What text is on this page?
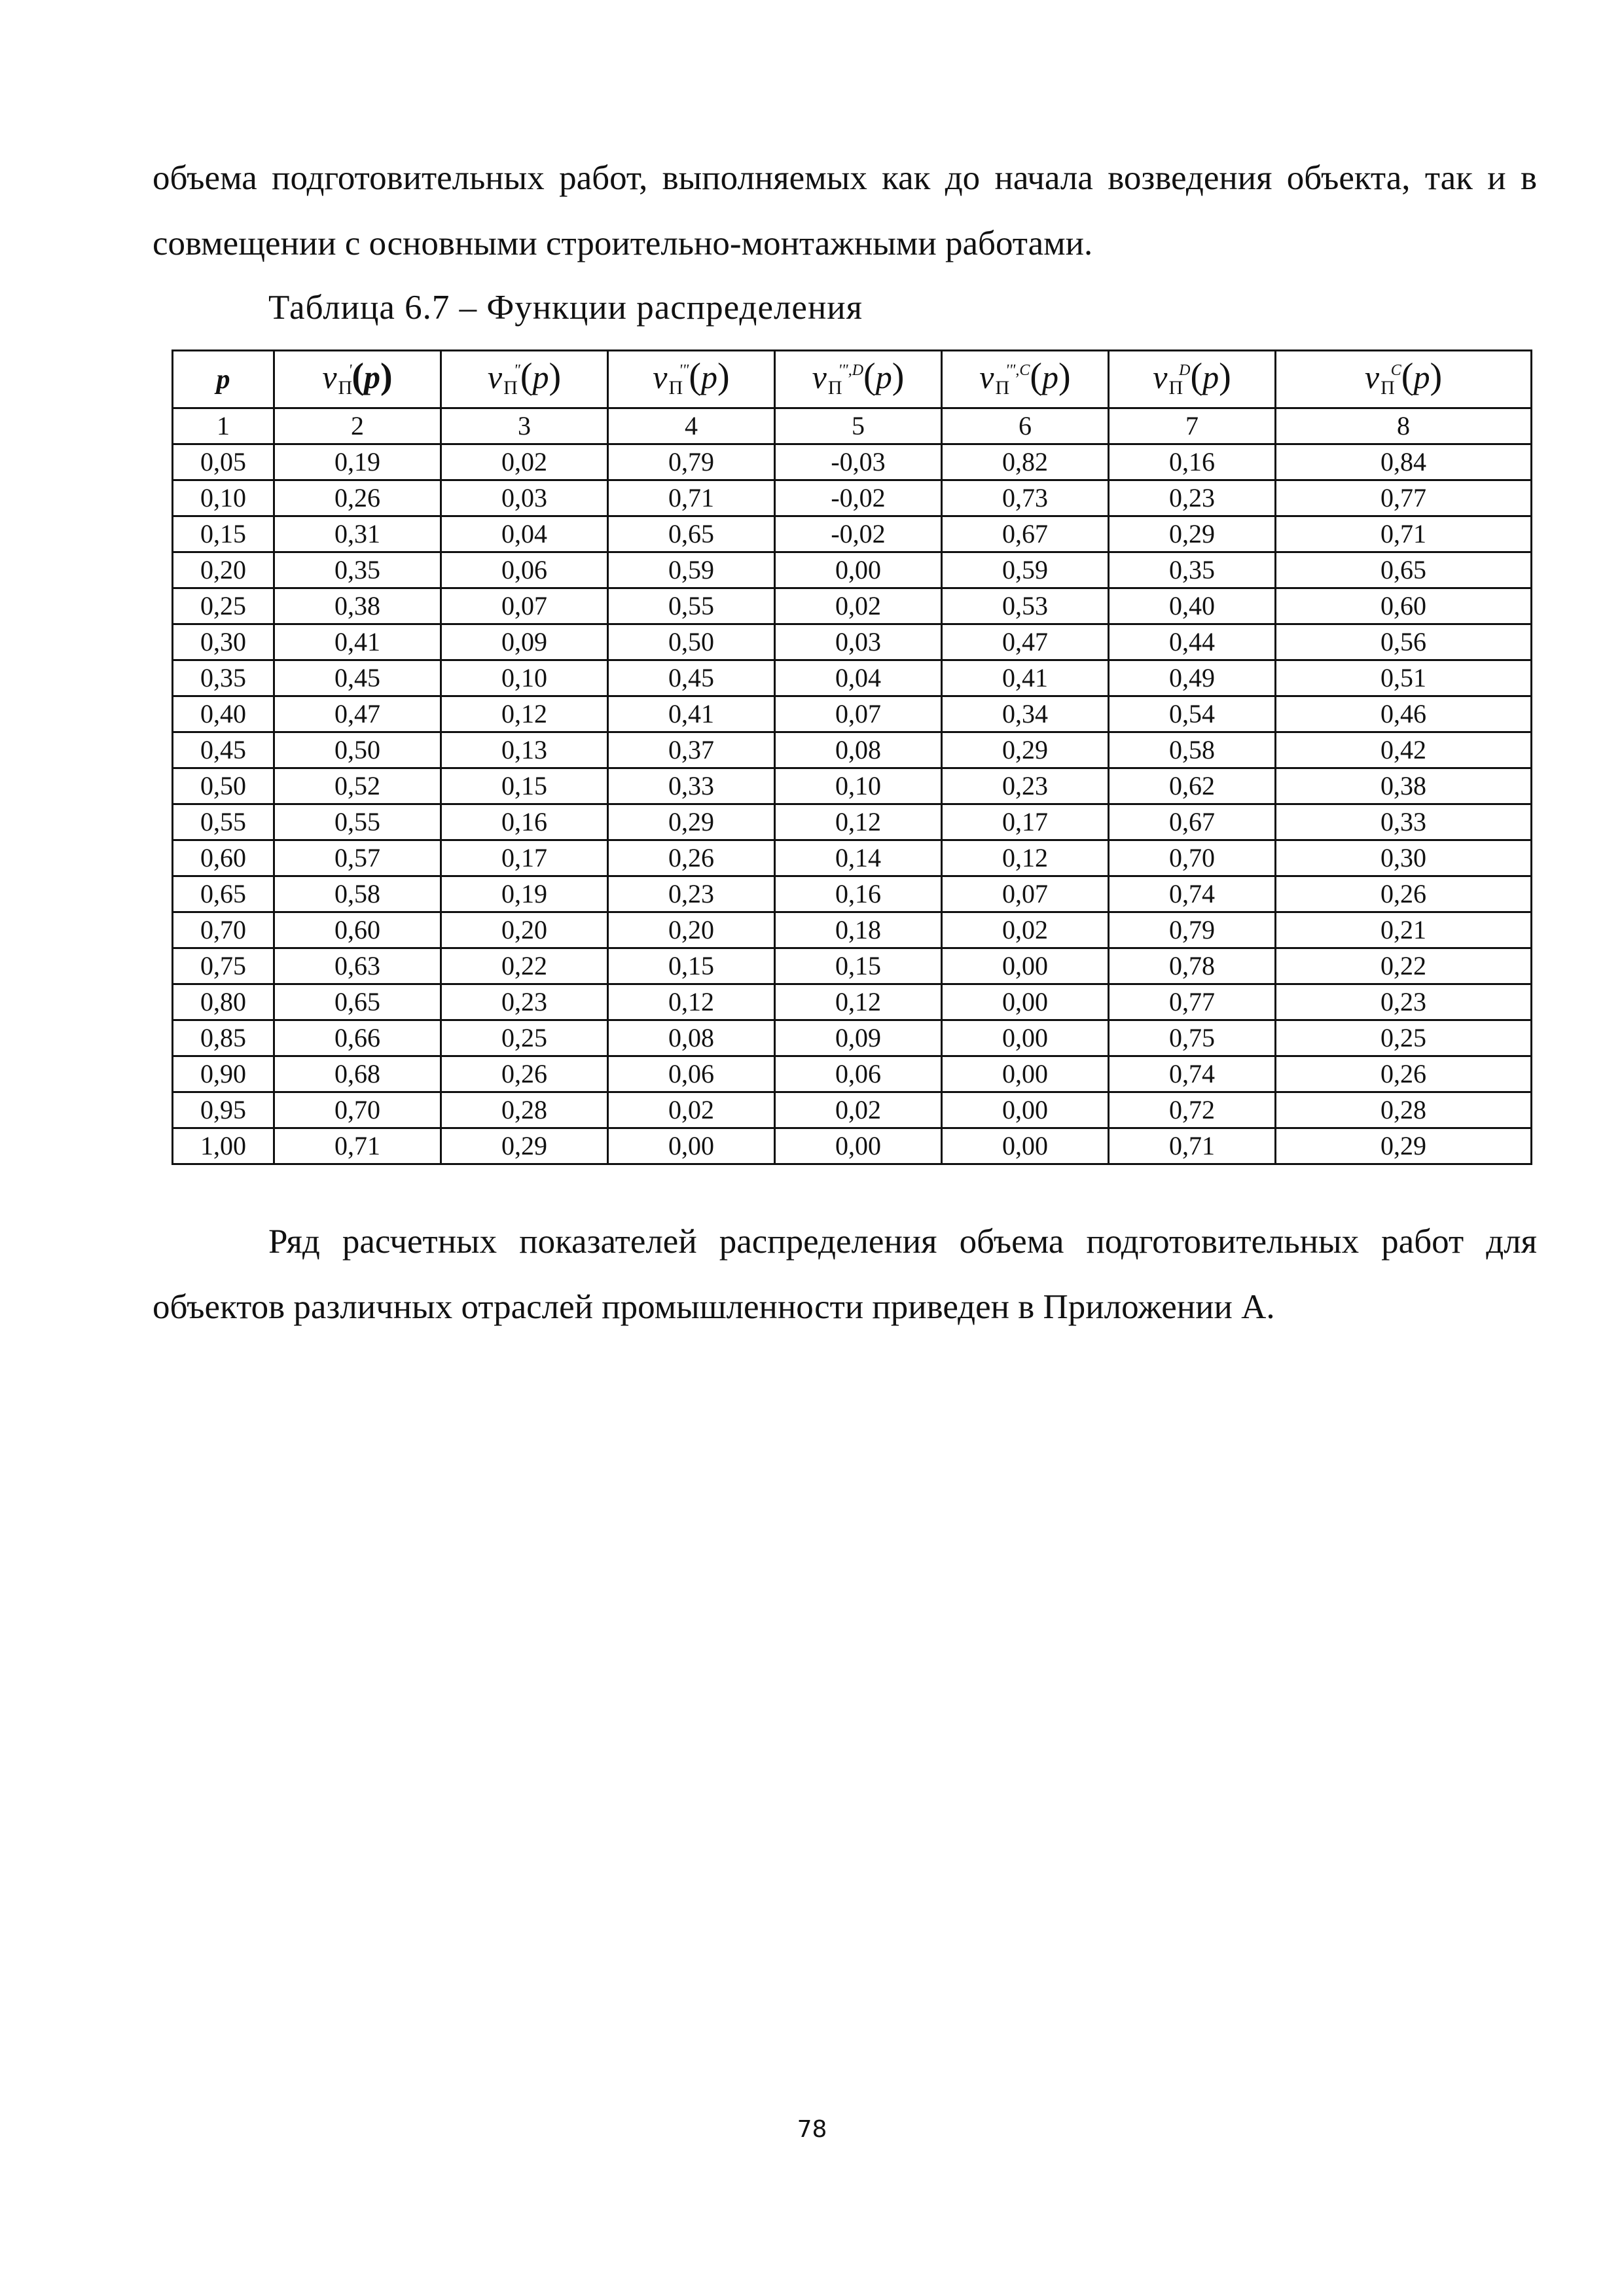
объема подготовительных работ, выполняемых как до начала возведения объекта, так и в совмещении с основными строительно-монтажными работами.

Таблица 6.7 – Функции распределения

p	$v_П'(p)$	$v_П^"(p)$	$v_П^{'"}(p)$	$v_П^{'",D}(p)$	$v_П^{'",C}(p)$	$v_П^D(p)$	$v_П^C(p)$
1	2	3	4	5	6	7	8
0,05	0,19	0,02	0,79	-0,03	0,82	0,16	0,84
0,10	0,26	0,03	0,71	-0,02	0,73	0,23	0,77
0,15	0,31	0,04	0,65	-0,02	0,67	0,29	0,71
0,20	0,35	0,06	0,59	0,00	0,59	0,35	0,65
0,25	0,38	0,07	0,55	0,02	0,53	0,40	0,60
0,30	0,41	0,09	0,50	0,03	0,47	0,44	0,56
0,35	0,45	0,10	0,45	0,04	0,41	0,49	0,51
0,40	0,47	0,12	0,41	0,07	0,34	0,54	0,46
0,45	0,50	0,13	0,37	0,08	0,29	0,58	0,42
0,50	0,52	0,15	0,33	0,10	0,23	0,62	0,38
0,55	0,55	0,16	0,29	0,12	0,17	0,67	0,33
0,60	0,57	0,17	0,26	0,14	0,12	0,70	0,30
0,65	0,58	0,19	0,23	0,16	0,07	0,74	0,26
0,70	0,60	0,20	0,20	0,18	0,02	0,79	0,21
0,75	0,63	0,22	0,15	0,15	0,00	0,78	0,22
0,80	0,65	0,23	0,12	0,12	0,00	0,77	0,23
0,85	0,66	0,25	0,08	0,09	0,00	0,75	0,25
0,90	0,68	0,26	0,06	0,06	0,00	0,74	0,26
0,95	0,70	0,28	0,02	0,02	0,00	0,72	0,28
1,00	0,71	0,29	0,00	0,00	0,00	0,71	0,29

Ряд расчетных показателей распределения объема подготовительных работ для объектов различных отраслей промышленности приведен в Приложении А.

78
